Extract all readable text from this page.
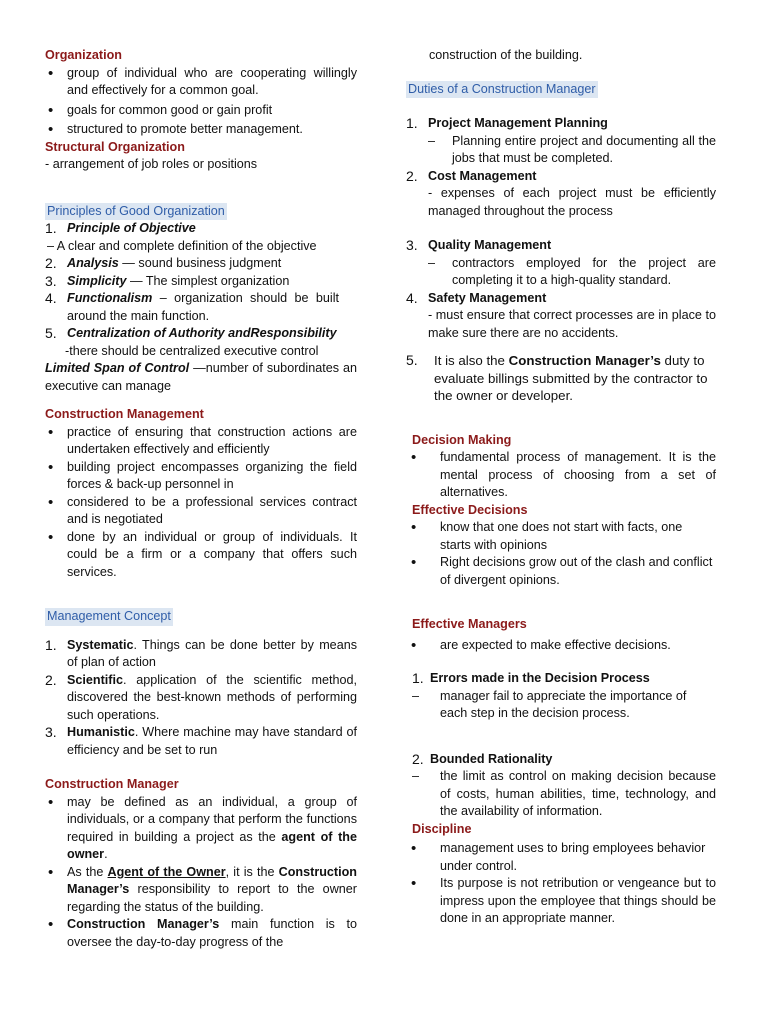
Organization
• group of individual who are cooperating willingly and effectively for a common goal.
• goals for common good or gain profit
• structured to promote better management.
Structural Organization
- arrangement of job roles or positions
Principles of Good Organization
1. Principle of Objective
– A clear and complete definition of the objective
2. Analysis — sound business judgment
3. Simplicity — The simplest organization
4. Functionalism – organization should be built around the main function.
5. Centralization of Authority andResponsibility
-there should be centralized executive control
Limited Span of Control —number of subordinates an executive can manage
Construction Management
• practice of ensuring that construction actions are undertaken effectively and efficiently
• building project encompasses organizing the field forces & back-up personnel in
• considered to be a professional services contract and is negotiated
• done by an individual or group of individuals. It could be a firm or a company that offers such services.
Management Concept
1. Systematic. Things can be done better by means of plan of action
2. Scientific. application of the scientific method, discovered the best-known methods of performing such operations.
3. Humanistic. Where machine may have standard of efficiency and be set to run
Construction Manager
• may be defined as an individual, a group of individuals, or a company that perform the functions required in building a project as the agent of the owner.
• As the Agent of the Owner, it is the Construction Manager’s responsibility to report to the owner regarding the status of the building.
• Construction Manager’s main function is to oversee the day-to-day progress of the
construction of the building.
Duties of a Construction Manager
1. Project Management Planning
– Planning entire project and documenting all the jobs that must be completed.
2. Cost Management
- expenses of each project must be efficiently managed throughout the process
3. Quality Management
– contractors employed for the project are completing it to a high-quality standard.
4. Safety Management
- must ensure that correct processes are in place to make sure there are no accidents.
5. It is also the Construction Manager’s duty to evaluate billings submitted by the contractor to the owner or developer.
Decision Making
• fundamental process of management. It is the mental process of choosing from a set of alternatives.
Effective Decisions
• know that one does not start with facts, one starts with opinions
• Right decisions grow out of the clash and conflict of divergent opinions.
Effective Managers
• are expected to make effective decisions.
1. Errors made in the Decision Process
– manager fail to appreciate the importance of each step in the decision process.
2. Bounded Rationality
– the limit as control on making decision because of costs, human abilities, time, technology, and the availability of information.
Discipline
• management uses to bring employees behavior under control.
• Its purpose is not retribution or vengeance but to impress upon the employee that things should be done in an appropriate manner.
